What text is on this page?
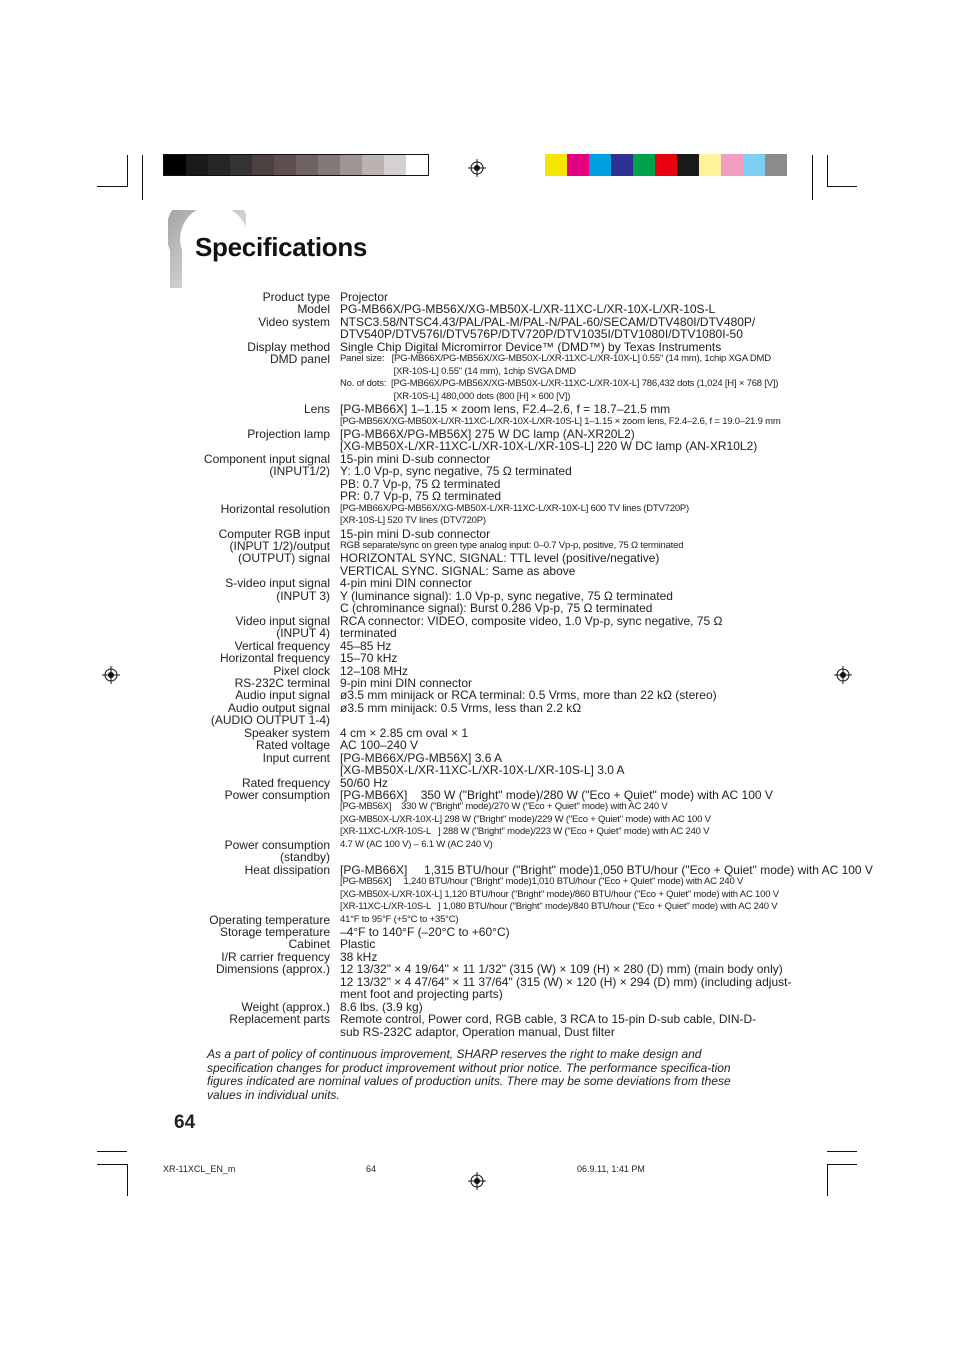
Specifications
Product type
Model
Video system
Display method
DMD panel
Lens
Projection lamp
Component input signal
(INPUT1/2)
Horizontal resolution
Computer RGB input
(INPUT 1/2)/output
(OUTPUT) signal
S-video input signal
(INPUT 3)
Video input signal
(INPUT 4)
Vertical frequency
Horizontal frequency
Pixel clock
RS-232C terminal
Audio input signal
Audio output signal
(AUDIO OUTPUT 1-4)
Speaker system
Rated voltage
Input current
Rated frequency
Power consumption
Power consumption
(standby)
Heat dissipation
Operating temperature
Storage temperature
Cabinet
I/R carrier frequency
Dimensions (approx.)
Weight (approx.)
Replacement parts
Projector
PG-MB66X/PG-MB56X/XG-MB50X-L/XR-11XC-L/XR-10X-L/XR-10S-L
NTSC3.58/NTSC4.43/PAL/PAL-M/PAL-N/PAL-60/SECAM/DTV480I/DTV480P/
DTV540P/DTV576I/DTV576P/DTV720P/DTV1035I/DTV1080I/DTV1080I-50
Single Chip Digital Micromirror Device™ (DMD™) by Texas Instruments
Panel size:   [PG-MB66X/PG-MB56X/XG-MB50X-L/XR-11XC-L/XR-10X-L] 0.55" (14 mm), 1chip XGA DMD
[XR-10S-L] 0.55" (14 mm), 1chip SVGA DMD
No. of dots:  [PG-MB66X/PG-MB56X/XG-MB50X-L/XR-11XC-L/XR-10X-L] 786,432 dots (1,024 [H] × 768 [V])
[XR-10S-L] 480,000 dots (800 [H] × 600 [V])
[PG-MB66X] 1–1.15 × zoom lens, F2.4–2.6, f = 18.7–21.5 mm
[PG-MB56X/XG-MB50X-L/XR-11XC-L/XR-10X-L/XR-10S-L] 1–1.15 × zoom lens, F2.4–2.6, f = 19.0–21.9 mm
[PG-MB66X/PG-MB56X] 275 W DC lamp (AN-XR20L2)
[XG-MB50X-L/XR-11XC-L/XR-10X-L/XR-10S-L] 220 W DC lamp (AN-XR10L2)
15-pin mini D-sub connector
Y: 1.0 Vp-p, sync negative, 75 Ω terminated
PB: 0.7 Vp-p, 75 Ω terminated
PR: 0.7 Vp-p, 75 Ω terminated
[PG-MB66X/PG-MB56X/XG-MB50X-L/XR-11XC-L/XR-10X-L] 600 TV lines (DTV720P)
[XR-10S-L] 520 TV lines (DTV720P)
15-pin mini D-sub connector
RGB separate/sync on green type analog input: 0–0.7 Vp-p, positive, 75 Ω terminated
HORIZONTAL SYNC. SIGNAL: TTL level (positive/negative)
VERTICAL SYNC. SIGNAL: Same as above
4-pin mini DIN connector
Y (luminance signal): 1.0 Vp-p, sync negative, 75 Ω terminated
C (chrominance signal): Burst 0.286 Vp-p, 75 Ω terminated
RCA connector: VIDEO, composite video, 1.0 Vp-p, sync negative, 75 Ω
terminated
45–85 Hz
15–70 kHz
12–108 MHz
9-pin mini DIN connector
ø3.5 mm minijack or RCA terminal: 0.5 Vrms, more than 22 kΩ (stereo)
ø3.5 mm minijack: 0.5 Vrms, less than 2.2 kΩ
4 cm × 2.85 cm oval × 1
AC 100–240 V
[PG-MB66X/PG-MB56X] 3.6 A
[XG-MB50X-L/XR-11XC-L/XR-10X-L/XR-10S-L] 3.0 A
50/60 Hz
[PG-MB66X]    350 W ("Bright" mode)/280 W ("Eco + Quiet" mode) with AC 100 V
[PG-MB56X]    330 W ("Bright" mode)/270 W ("Eco + Quiet" mode) with AC 240 V
[XG-MB50X-L/XR-10X-L] 298 W ("Bright" mode)/229 W ("Eco + Quiet" mode) with AC 100 V
[XR-11XC-L/XR-10S-L   ] 288 W ("Bright" mode)/223 W ("Eco + Quiet" mode) with AC 240 V
4.7 W (AC 100 V) – 6.1 W (AC 240 V)
[PG-MB66X]     1,315 BTU/hour ("Bright" mode)1,050 BTU/hour ("Eco + Quiet" mode) with AC 100 V
[PG-MB56X]     1,240 BTU/hour ("Bright" mode)1,010 BTU/hour ("Eco + Quiet" mode) with AC 240 V
[XG-MB50X-L/XR-10X-L] 1,120 BTU/hour ("Bright" mode)/860 BTU/hour ("Eco + Quiet" mode) with AC 100 V
[XR-11XC-L/XR-10S-L   ] 1,080 BTU/hour ("Bright" mode)/840 BTU/hour ("Eco + Quiet" mode) with AC 240 V
41°F to 95°F (+5°C to +35°C)
–4°F to 140°F (–20°C to +60°C)
Plastic
38 kHz
12 13/32" × 4 19/64" × 11 1/32" (315 (W) × 109 (H) × 280 (D) mm) (main body only)
12 13/32" × 4 47/64" × 11 37/64" (315 (W) × 120 (H) × 294 (D) mm) (including adjust-
ment foot and projecting parts)
8.6 lbs. (3.9 kg)
Remote control, Power cord, RGB cable, 3 RCA to 15-pin D-sub cable, DIN-D-
sub RS-232C adaptor, Operation manual, Dust filter
As a part of policy of continuous improvement, SHARP reserves the right to make design and specification changes for product improvement without prior notice. The performance specifica-tion figures indicated are nominal values of production units. There may be some deviations from these values in individual units.
64
XR-11XCL_EN_m	64	06.9.11, 1:41 PM
